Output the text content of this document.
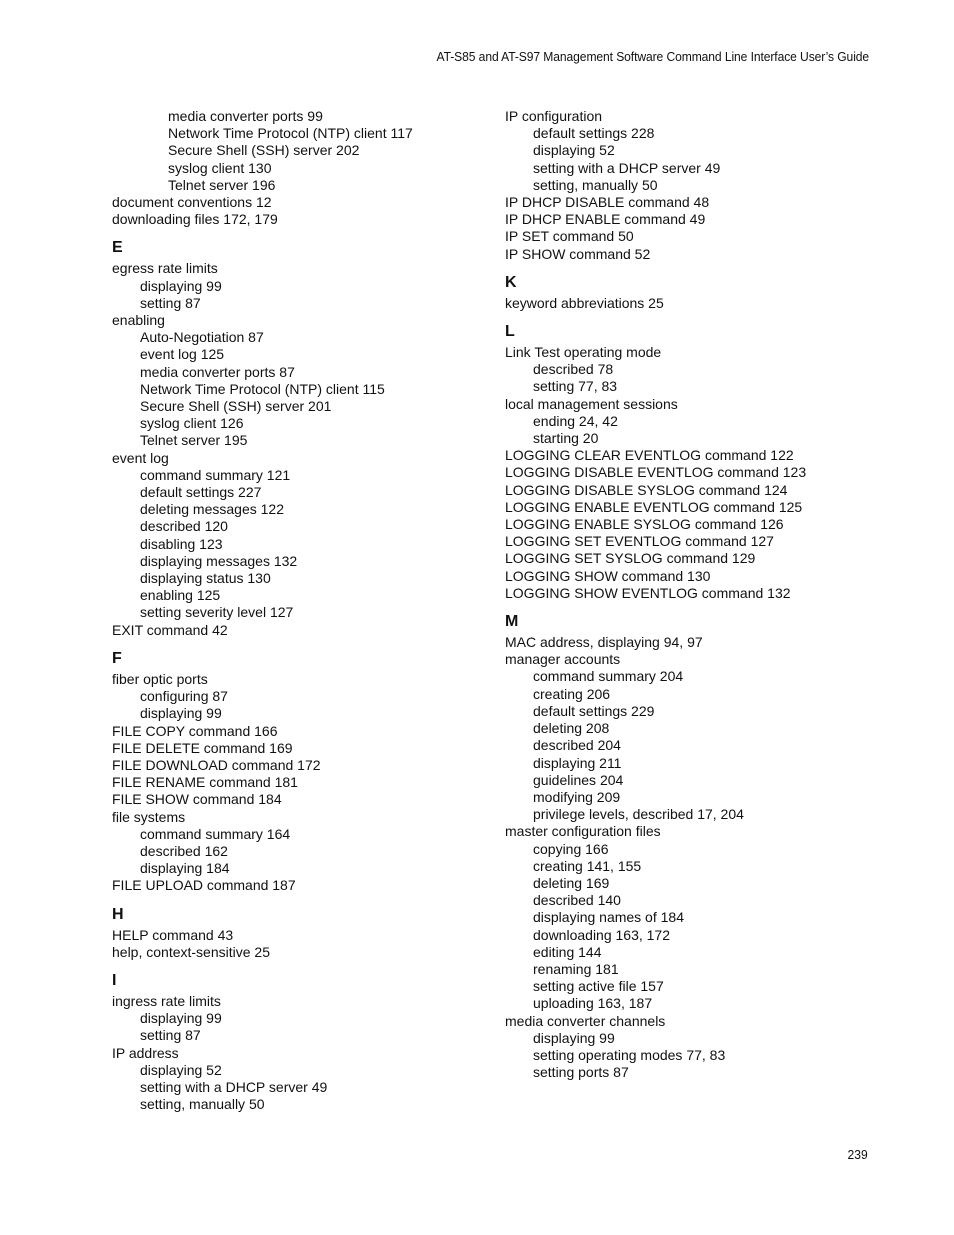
AT-S85 and AT-S97 Management Software Command Line Interface User’s Guide
media converter ports 99
Network Time Protocol (NTP) client 117
Secure Shell (SSH) server 202
syslog client 130
Telnet server 196
document conventions 12
downloading files 172, 179
E
egress rate limits
displaying 99
setting 87
enabling
Auto-Negotiation 87
event log 125
media converter ports 87
Network Time Protocol (NTP) client 115
Secure Shell (SSH) server 201
syslog client 126
Telnet server 195
event log
command summary 121
default settings 227
deleting messages 122
described 120
disabling 123
displaying messages 132
displaying status 130
enabling 125
setting severity level 127
EXIT command 42
F
fiber optic ports
configuring 87
displaying 99
FILE COPY command 166
FILE DELETE command 169
FILE DOWNLOAD command 172
FILE RENAME command 181
FILE SHOW command 184
file systems
command summary 164
described 162
displaying 184
FILE UPLOAD command 187
H
HELP command 43
help, context-sensitive 25
I
ingress rate limits
displaying 99
setting 87
IP address
displaying 52
setting with a DHCP server 49
setting, manually 50
IP configuration
default settings 228
displaying 52
setting with a DHCP server 49
setting, manually 50
IP DHCP DISABLE command 48
IP DHCP ENABLE command 49
IP SET command 50
IP SHOW command 52
K
keyword abbreviations 25
L
Link Test operating mode
described 78
setting 77, 83
local management sessions
ending 24, 42
starting 20
LOGGING CLEAR EVENTLOG command 122
LOGGING DISABLE EVENTLOG command 123
LOGGING DISABLE SYSLOG command 124
LOGGING ENABLE EVENTLOG command 125
LOGGING ENABLE SYSLOG command 126
LOGGING SET EVENTLOG command 127
LOGGING SET SYSLOG command 129
LOGGING SHOW command 130
LOGGING SHOW EVENTLOG command 132
M
MAC address, displaying 94, 97
manager accounts
command summary 204
creating 206
default settings 229
deleting 208
described 204
displaying 211
guidelines 204
modifying 209
privilege levels, described 17, 204
master configuration files
copying 166
creating 141, 155
deleting 169
described 140
displaying names of 184
downloading 163, 172
editing 144
renaming 181
setting active file 157
uploading 163, 187
media converter channels
displaying 99
setting operating modes 77, 83
setting ports 87
239
